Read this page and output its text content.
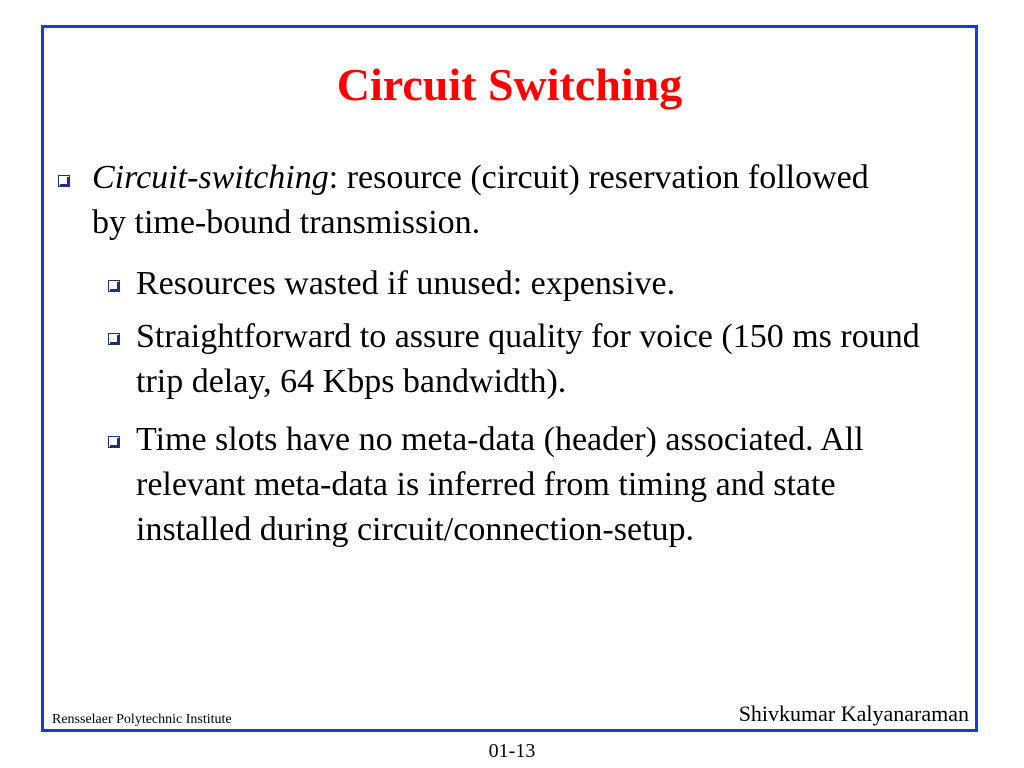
Circuit Switching
Circuit-switching: resource (circuit) reservation followed by time-bound transmission.
Resources wasted if unused: expensive.
Straightforward to assure quality for voice (150 ms round trip delay, 64 Kbps bandwidth).
Time slots have no meta-data (header) associated. All relevant meta-data is inferred from timing and state installed during circuit/connection-setup.
Rensselaer Polytechnic Institute	Shivkumar Kalyanaraman
01-13
